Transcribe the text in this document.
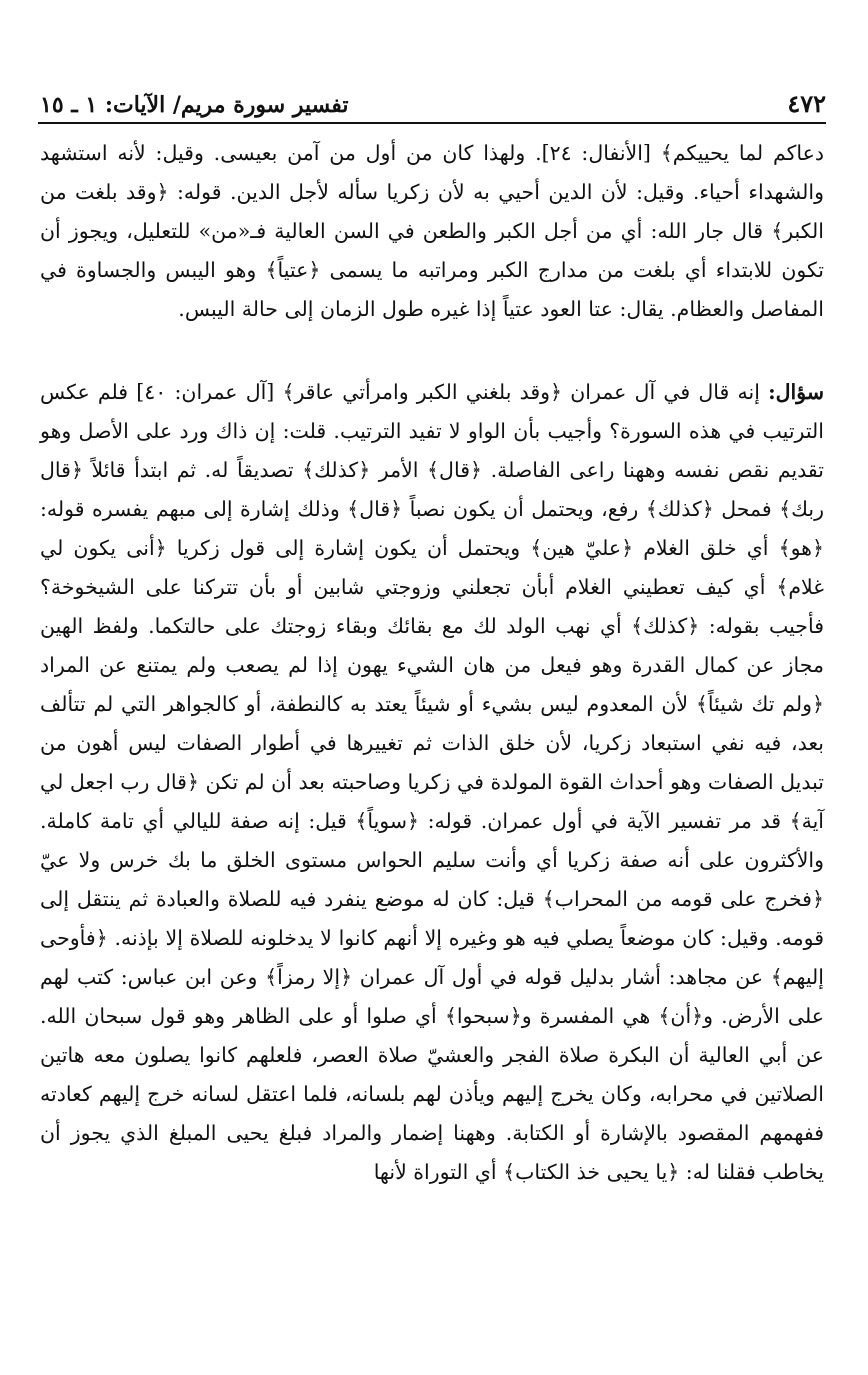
٤٧٢
تفسير سورة مريم/ الآيات: ١ ـ ١٥

دعاكم لما يحييكم﴾ [الأنفال: ٢٤]. ولهذا كان من أول من آمن بعيسى. وقيل: لأنه استشهد والشهداء أحياء. وقيل: لأن الدين أحيي به لأن زكريا سأله لأجل الدين. قوله: ﴿وقد بلغت من الكبر﴾ قال جار الله: أي من أجل الكبر والطعن في السن العالية فـ«من» للتعليل، ويجوز أن تكون للابتداء أي بلغت من مدارج الكبر ومراتبه ما يسمى ﴿عتياً﴾ وهو اليبس والجساوة في المفاصل والعظام. يقال: عتا العود عتياً إذا غيره طول الزمان إلى حالة اليبس.

سؤال: إنه قال في آل عمران ﴿وقد بلغني الكبر وامرأتي عاقر﴾ [آل عمران: ٤٠] فلم عكس الترتيب في هذه السورة؟ وأجيب بأن الواو لا تفيد الترتيب. قلت: إن ذاك ورد على الأصل وهو تقديم نقص نفسه وههنا راعى الفاصلة. ﴿قال﴾ الأمر ﴿كذلك﴾ تصديقاً له. ثم ابتدأ قائلاً ﴿قال ربك﴾ فمحل ﴿كذلك﴾ رفع، ويحتمل أن يكون نصباً ﴿قال﴾ وذلك إشارة إلى مبهم يفسره قوله: ﴿هو﴾ أي خلق الغلام ﴿عليّ هين﴾ ويحتمل أن يكون إشارة إلى قول زكريا ﴿أنى يكون لي غلام﴾ أي كيف تعطيني الغلام أبأن تجعلني وزوجتي شابين أو بأن تتركنا على الشيخوخة؟ فأجيب بقوله: ﴿كذلك﴾ أي نهب الولد لك مع بقائك وبقاء زوجتك على حالتكما. ولفظ الهين مجاز عن كمال القدرة وهو فيعل من هان الشيء يهون إذا لم يصعب ولم يمتنع عن المراد ﴿ولم تك شيئاً﴾ لأن المعدوم ليس بشيء أو شيئاً يعتد به كالنطفة، أو كالجواهر التي لم تتألف بعد، فيه نفي استبعاد زكريا، لأن خلق الذات ثم تغييرها في أطوار الصفات ليس أهون من تبديل الصفات وهو أحداث القوة المولدة في زكريا وصاحبته بعد أن لم تكن ﴿قال رب اجعل لي آية﴾ قد مر تفسير الآية في أول عمران. قوله: ﴿سوياً﴾ قيل: إنه صفة لليالي أي تامة كاملة. والأكثرون على أنه صفة زكريا أي وأنت سليم الحواس مستوى الخلق ما بك خرس ولا عيّ ﴿فخرج على قومه من المحراب﴾ قيل: كان له موضع ينفرد فيه للصلاة والعبادة ثم ينتقل إلى قومه. وقيل: كان موضعاً يصلي فيه هو وغيره إلا أنهم كانوا لا يدخلونه للصلاة إلا بإذنه. ﴿فأوحى إليهم﴾ عن مجاهد: أشار بدليل قوله في أول آل عمران ﴿إلا رمزاً﴾ وعن ابن عباس: كتب لهم على الأرض. و﴿أن﴾ هي المفسرة و﴿سبحوا﴾ أي صلوا أو على الظاهر وهو قول سبحان الله. عن أبي العالية أن البكرة صلاة الفجر والعشيّ صلاة العصر، فلعلهم كانوا يصلون معه هاتين الصلاتين في محرابه، وكان يخرج إليهم ويأذن لهم بلسانه، فلما اعتقل لسانه خرج إليهم كعادته ففهمهم المقصود بالإشارة أو الكتابة. وههنا إضمار والمراد فبلغ يحيى المبلغ الذي يجوز أن يخاطب فقلنا له: ﴿يا يحيى خذ الكتاب﴾ أي التوراة لأنها
